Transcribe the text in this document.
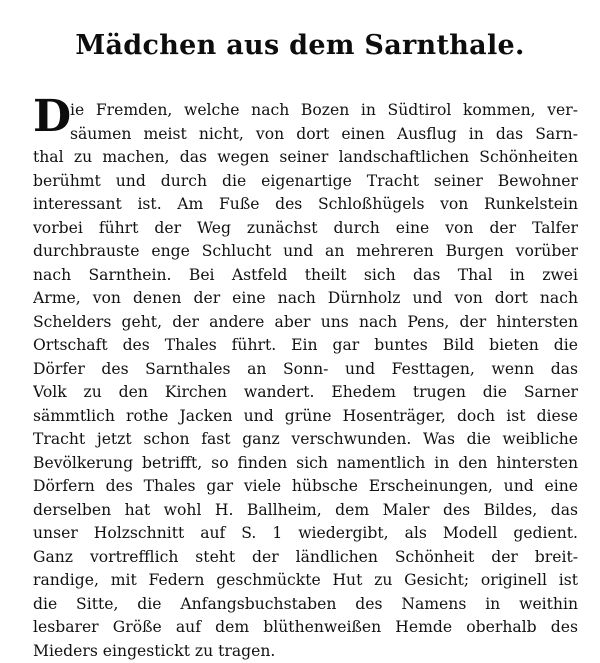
Mädchen aus dem Sarnthale.
D
ie Fremden, welche nach Bozen in Südtirol kommen, ver-
säumen meist nicht, von dort einen Ausflug in das Sarn-
thal zu machen, das wegen seiner landschaftlichen Schönheiten
berühmt und durch die eigenartige Tracht seiner Bewohner
interessant ist. Am Fuße des Schloßhügels von Runkelstein
vorbei führt der Weg zunächst durch eine von der Talfer
durchbrauste enge Schlucht und an mehreren Burgen vorüber
nach Sarnthein. Bei Astfeld theilt sich das Thal in zwei
Arme, von denen der eine nach Dürnholz und von dort nach
Schelders geht, der andere aber uns nach Pens, der hintersten
Ortschaft des Thales führt. Ein gar buntes Bild bieten die
Dörfer des Sarnthales an Sonn- und Festtagen, wenn das
Volk zu den Kirchen wandert. Ehedem trugen die Sarner
sämmtlich rothe Jacken und grüne Hosenträger, doch ist diese
Tracht jetzt schon fast ganz verschwunden. Was die weibliche
Bevölkerung betrifft, so finden sich namentlich in den hintersten
Dörfern des Thales gar viele hübsche Erscheinungen, und eine
derselben hat wohl H. Ballheim, dem Maler des Bildes, das
unser Holzschnitt auf S. 1 wiedergibt, als Modell gedient.
Ganz vortrefflich steht der ländlichen Schönheit der breit-
randige, mit Federn geschmückte Hut zu Gesicht; originell ist
die Sitte, die Anfangsbuchstaben des Namens in weithin
lesbarer Größe auf dem blüthenweißen Hemde oberhalb des
Mieders eingestickt zu tragen.
